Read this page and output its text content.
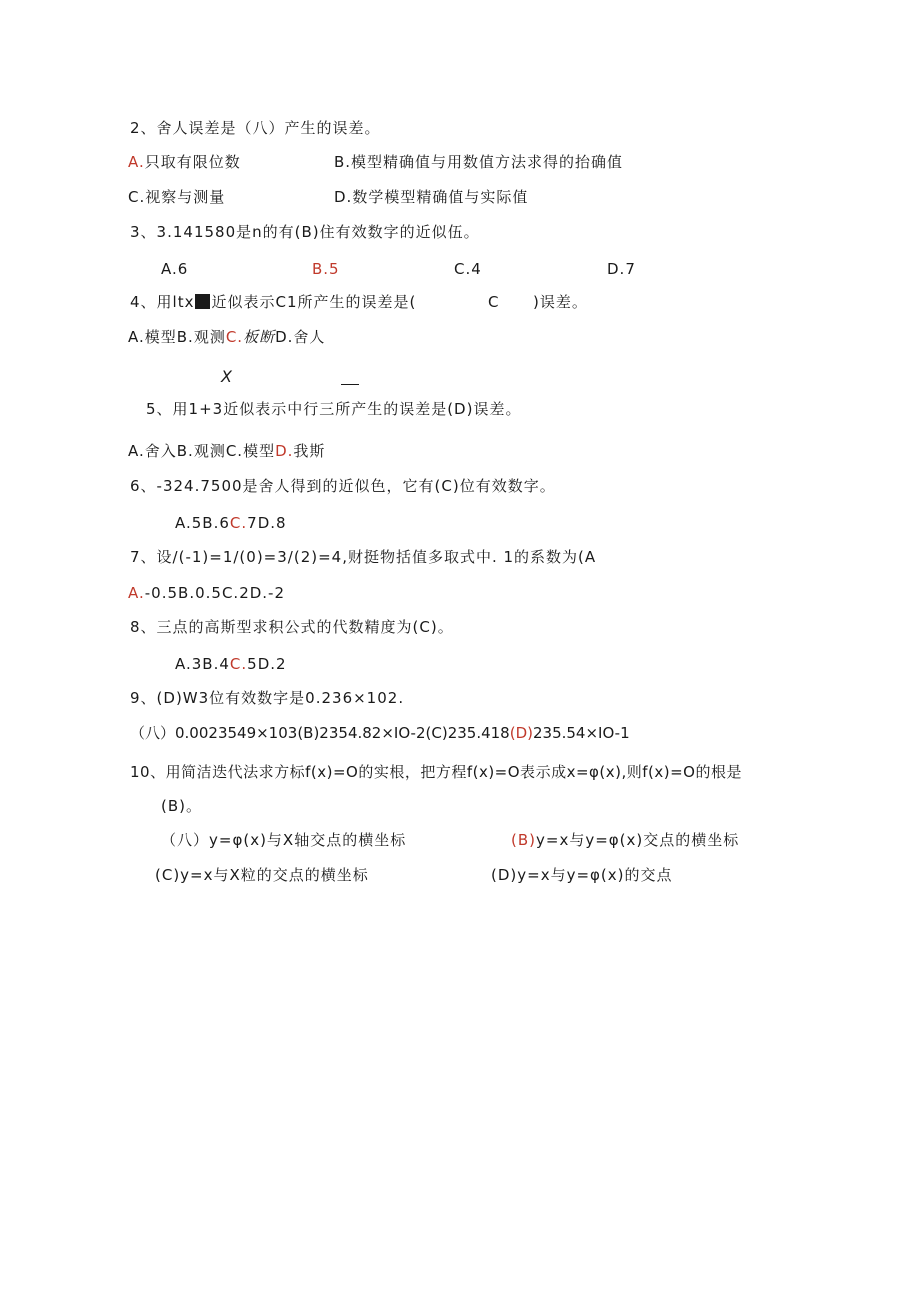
2、舍人误差是（八）产生的误差。
A.只取有限位数	B.模型精确值与用数值方法求得的抬确值
C.视察与测量	D.数学模型精确值与实际值
3、3.141580是n的有(B)住有效数字的近似伍。
A.6	B.5	C.4	D.7
4、用ltx 近似表示C1所产生的误差是(	C )误差。
A.模型B.观测C.板断D.舍人
X
5、用1+3近似表示中行三所产生的误差是(D)误差。
A.舍入B.观测C.模型D.我斯
6、-324.7500是舍人得到的近似色，它有(C)位有效数字。
A.5B.6C.7D.8
7、设/(-1)=1/(0)=3/(2)=4,财挺物括值多取式中. 1的系数为(A
A.-0.5B.0.5C.2D.-2
8、三点的高斯型求积公式的代数精度为(C)。
A.3B.4C.5D.2
9、(D)W3位有效数字是0.236×102.
（八）0.0023549×103(B)2354.82×IO-2(C)235.418(D)235.54×IO-1
10、用简洁迭代法求方标f(x)=O的实根，把方程f(x)=O表示成x=φ(x),则f(x)=O的根是
(B)。
（八）y=φ(x)与X轴交点的横坐标	(B)y=x与y=φ(x)交点的横坐标
(C)y=x与X粒的交点的横坐标	(D)y=x与y=φ(x)的交点
